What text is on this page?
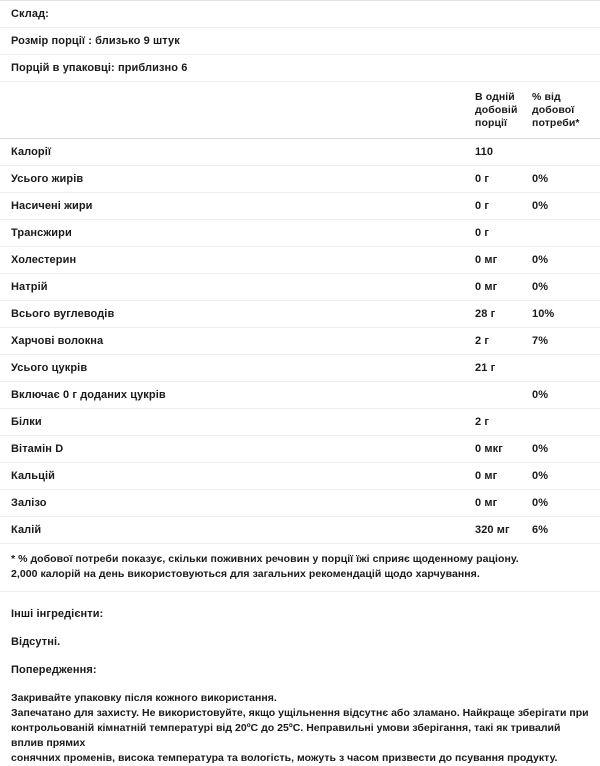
Склад:		
Розмір порції : близько 9 штук		
Порцій в упаковці: приблизно 6		
	В одній добовій порції	% від добової потреби*
Калорії	110	
Усього жирів	0 г	0%
Насичені жири	0 г	0%
Трансжири	0 г	
Холестерин	0 мг	0%
Натрій	0 мг	0%
Всього вуглеводів	28 г	10%
Харчові волокна	2 г	7%
Усього цукрів	21 г	
Включає 0 г доданих цукрів		0%
Білки	2 г	
Вітамін D	0 мкг	0%
Кальцій	0 мг	0%
Залізо	0 мг	0%
Калій	320 мг	6%

* % добової потреби показує, скільки поживних речовин у порції їжі сприяє щоденному раціону.
2,000 калорій на день використовуються для загальних рекомендацій щодо харчування.		

Інші інгредієнти:

Відсутні.

Попередження:

Закривайте упаковку після кожного використання.
Запечатано для захисту. Не використовуйте, якщо ущільнення відсутнє або зламано. Найкраще зберігати при
контрольованій кімнатній температурі від 20ºC до 25ºC. Неправильні умови зберігання, такі як тривалий вплив прямих
сонячних променів, висока температура та вологість, можуть з часом призвести до псування продукту.
